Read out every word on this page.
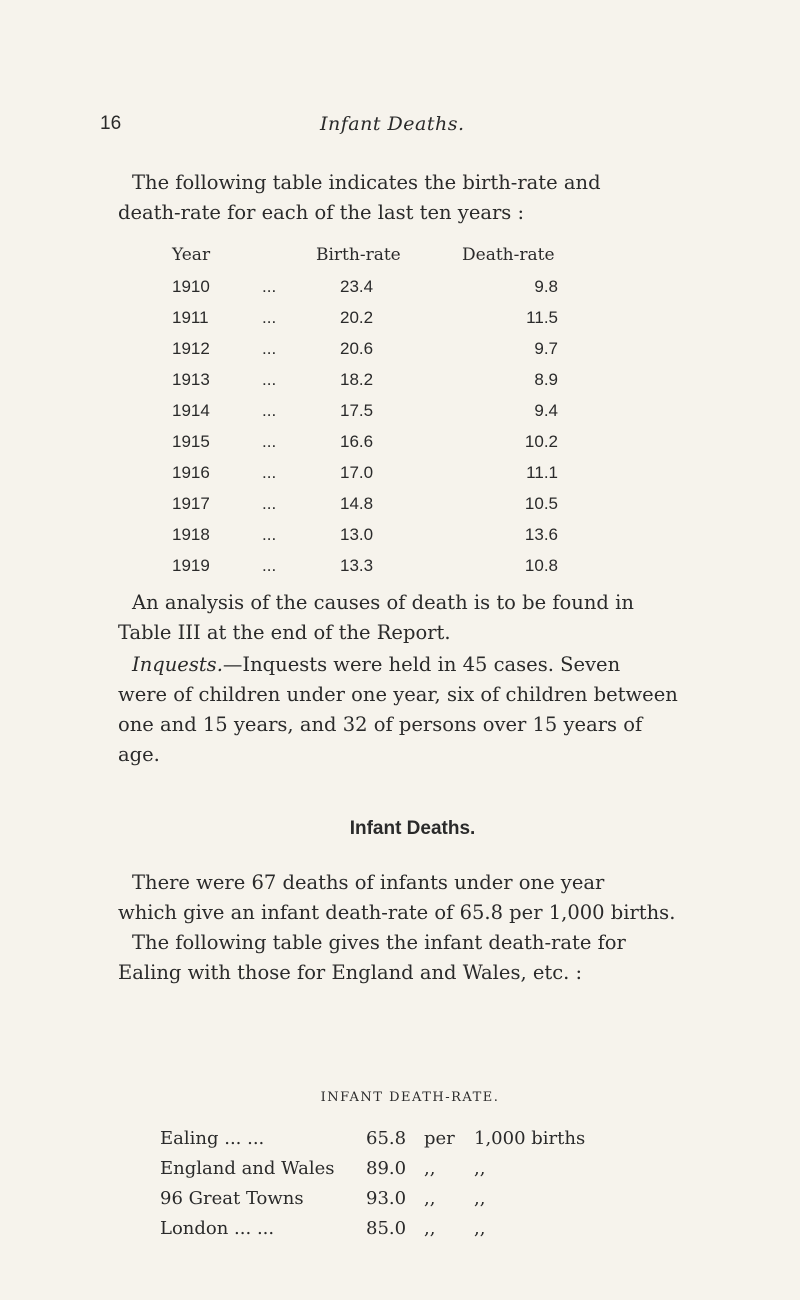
16	Infant Deaths.
The following table indicates the birth-rate and
death-rate for each of the last ten years :
Year	Birth-rate	Death-rate
1910	...	23.4	9.8
1911	...	20.2	11.5
1912	...	20.6	9.7
1913	...	18.2	8.9
1914	...	17.5	9.4
1915	...	16.6	10.2
1916	...	17.0	11.1
1917	...	14.8	10.5
1918	...	13.0	13.6
1919	...	13.3	10.8
An analysis of the causes of death is to be found in
Table III at the end of the Report.
Inquests.—Inquests were held in 45 cases. Seven
were of children under one year, six of children between
one and 15 years, and 32 of persons over 15 years of
age.
Infant Deaths.
There were 67 deaths of infants under one year
which give an infant death-rate of 65.8 per 1,000 births.
The following table gives the infant death-rate for
Ealing with those for England and Wales, etc. :
INFANT DEATH-RATE.
Ealing ... ...	65.8 per 1,000 births
England and Wales 89.0 ,, ,,
96 Great Towns	93.0 ,, ,,
London ... ...	85.0 ,, ,,
